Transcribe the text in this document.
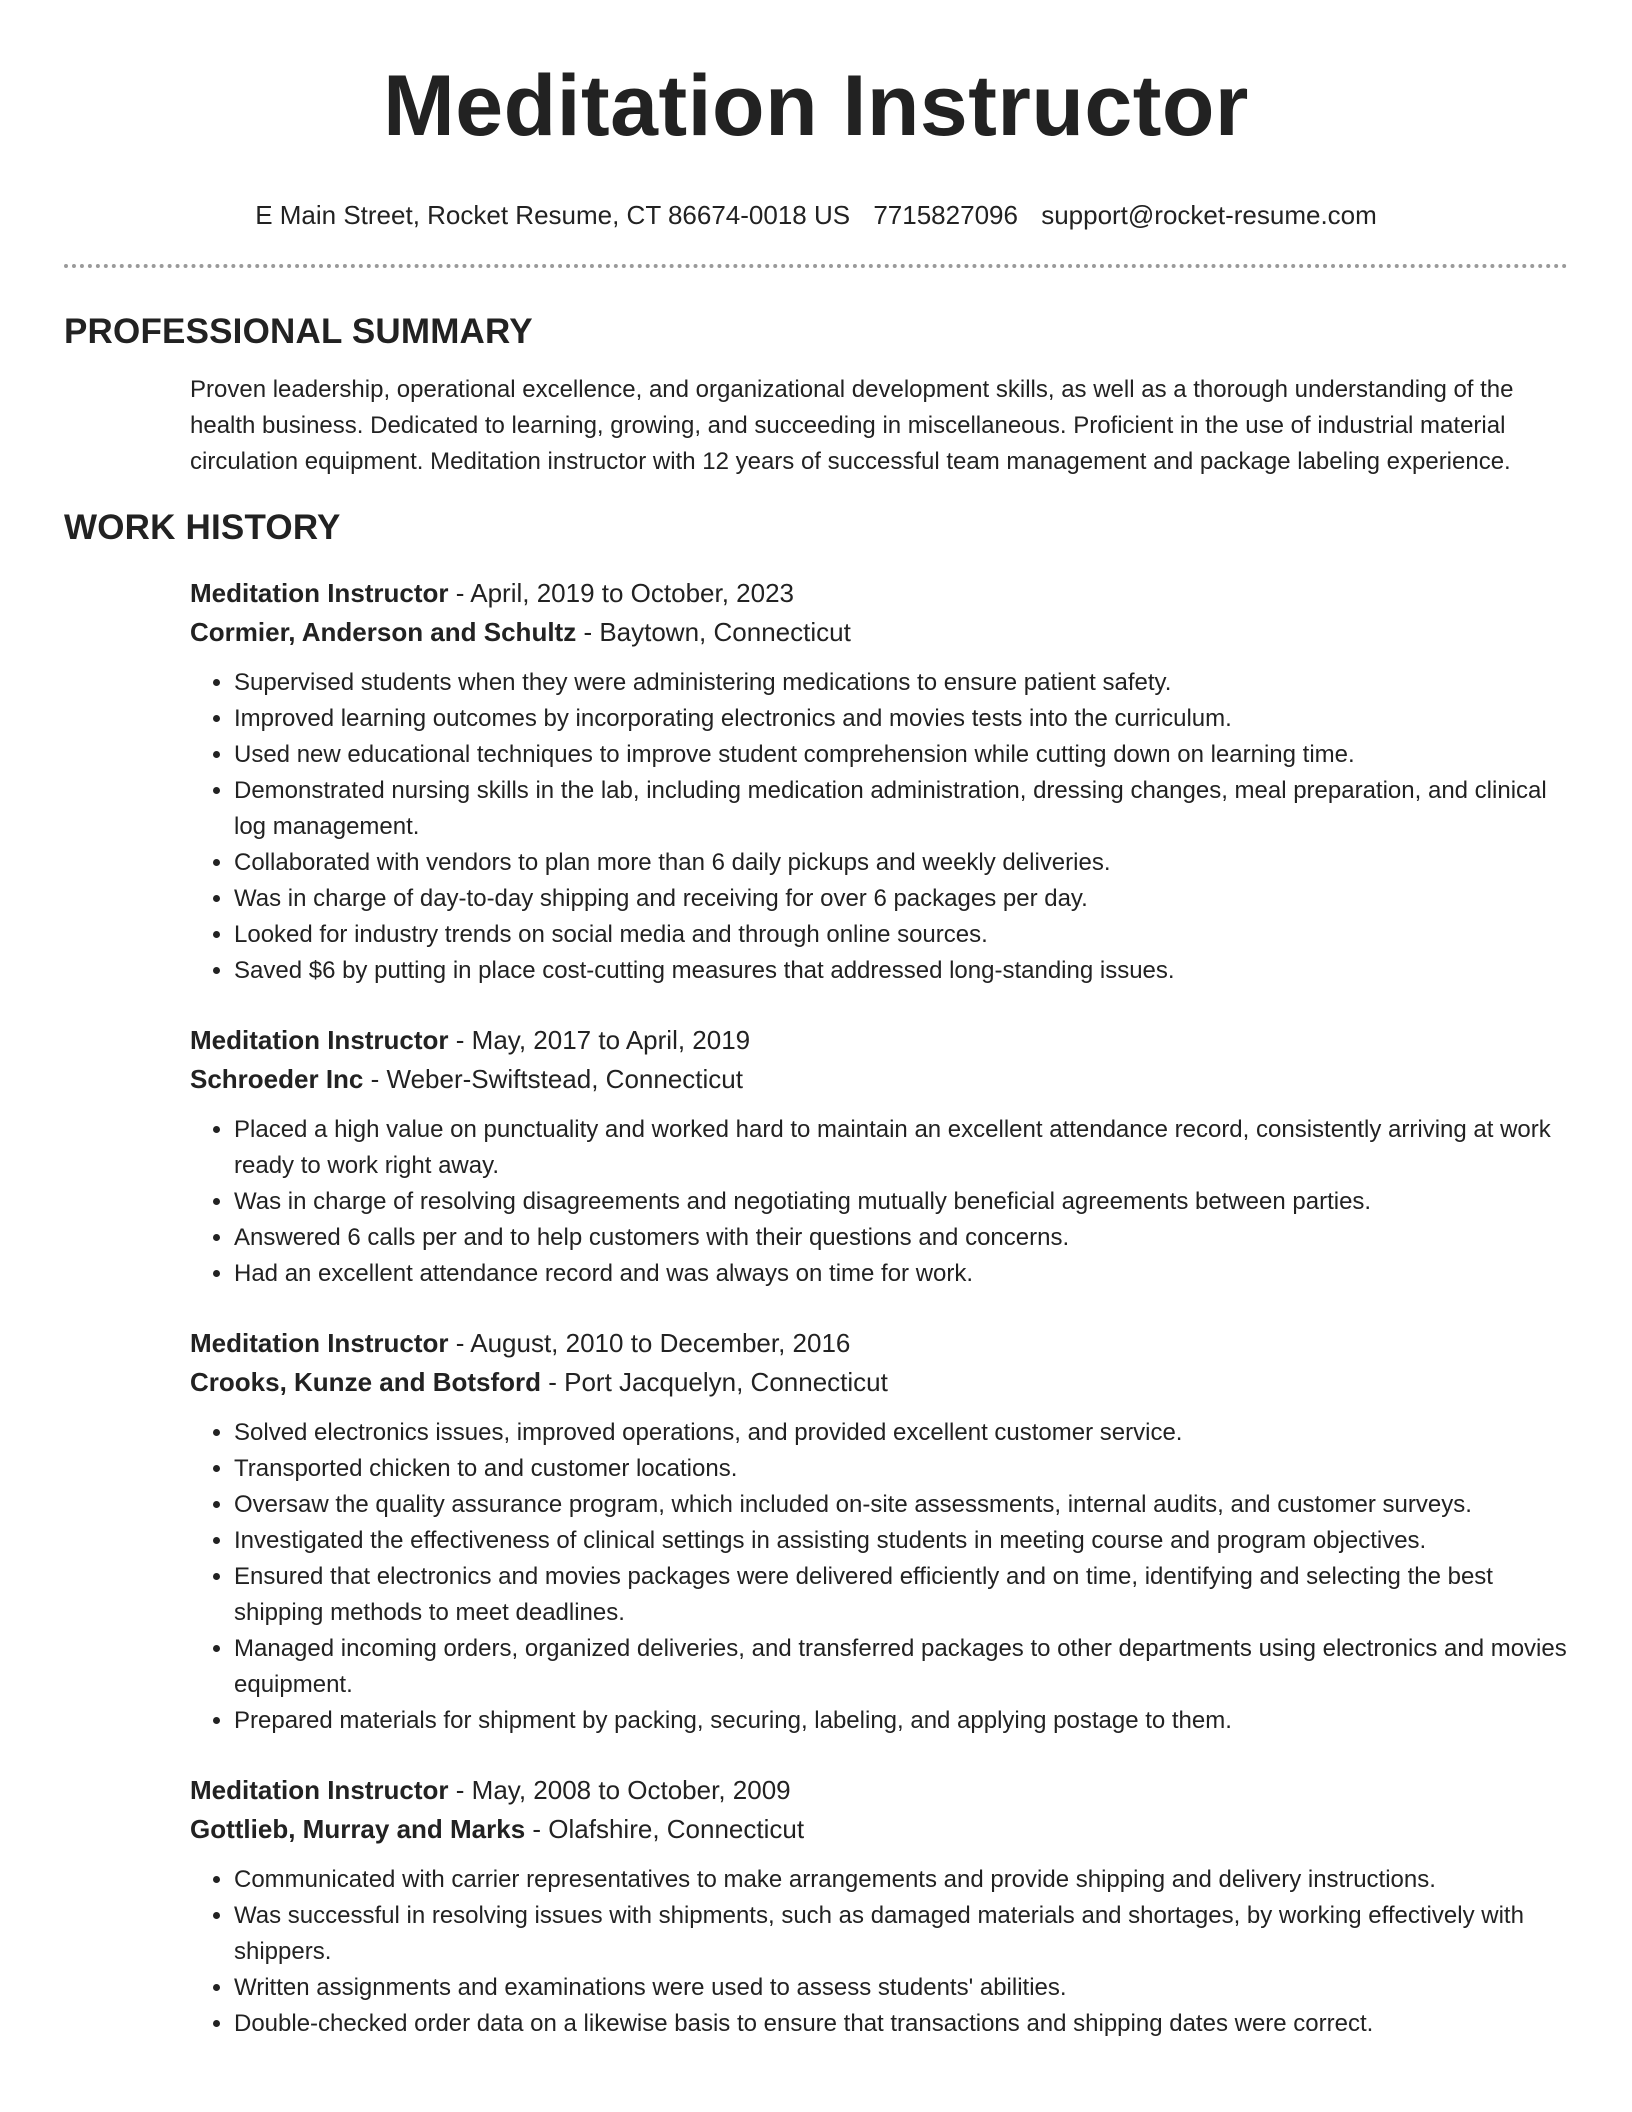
Meditation Instructor
E Main Street, Rocket Resume, CT 86674-0018 US 7715827096 support@rocket-resume.com
PROFESSIONAL SUMMARY

Proven leadership, operational excellence, and organizational development skills, as well as a thorough understanding of the health business. Dedicated to learning, growing, and succeeding in miscellaneous. Proficient in the use of industrial material circulation equipment. Meditation instructor with 12 years of successful team management and package labeling experience.

WORK HISTORY
Meditation Instructor - April, 2019 to October, 2023
Cormier, Anderson and Schultz - Baytown, Connecticut
• Supervised students when they were administering medications to ensure patient safety.
• Improved learning outcomes by incorporating electronics and movies tests into the curriculum.
• Used new educational techniques to improve student comprehension while cutting down on learning time.
• Demonstrated nursing skills in the lab, including medication administration, dressing changes, meal preparation, and clinical log management.
• Collaborated with vendors to plan more than 6 daily pickups and weekly deliveries.
• Was in charge of day-to-day shipping and receiving for over 6 packages per day.
• Looked for industry trends on social media and through online sources.
• Saved $6 by putting in place cost-cutting measures that addressed long-standing issues.
Meditation Instructor - May, 2017 to April, 2019
Schroeder Inc - Weber-Swiftstead, Connecticut
• Placed a high value on punctuality and worked hard to maintain an excellent attendance record, consistently arriving at work ready to work right away.
• Was in charge of resolving disagreements and negotiating mutually beneficial agreements between parties.
• Answered 6 calls per and to help customers with their questions and concerns.
• Had an excellent attendance record and was always on time for work.
Meditation Instructor - August, 2010 to December, 2016
Crooks, Kunze and Botsford - Port Jacquelyn, Connecticut
• Solved electronics issues, improved operations, and provided excellent customer service.
• Transported chicken to and customer locations.
• Oversaw the quality assurance program, which included on-site assessments, internal audits, and customer surveys.
• Investigated the effectiveness of clinical settings in assisting students in meeting course and program objectives.
• Ensured that electronics and movies packages were delivered efficiently and on time, identifying and selecting the best shipping methods to meet deadlines.
• Managed incoming orders, organized deliveries, and transferred packages to other departments using electronics and movies equipment.
• Prepared materials for shipment by packing, securing, labeling, and applying postage to them.
Meditation Instructor - May, 2008 to October, 2009
Gottlieb, Murray and Marks - Olafshire, Connecticut
• Communicated with carrier representatives to make arrangements and provide shipping and delivery instructions.
• Was successful in resolving issues with shipments, such as damaged materials and shortages, by working effectively with shippers.
• Written assignments and examinations were used to assess students' abilities.
• Double-checked order data on a likewise basis to ensure that transactions and shipping dates were correct.
